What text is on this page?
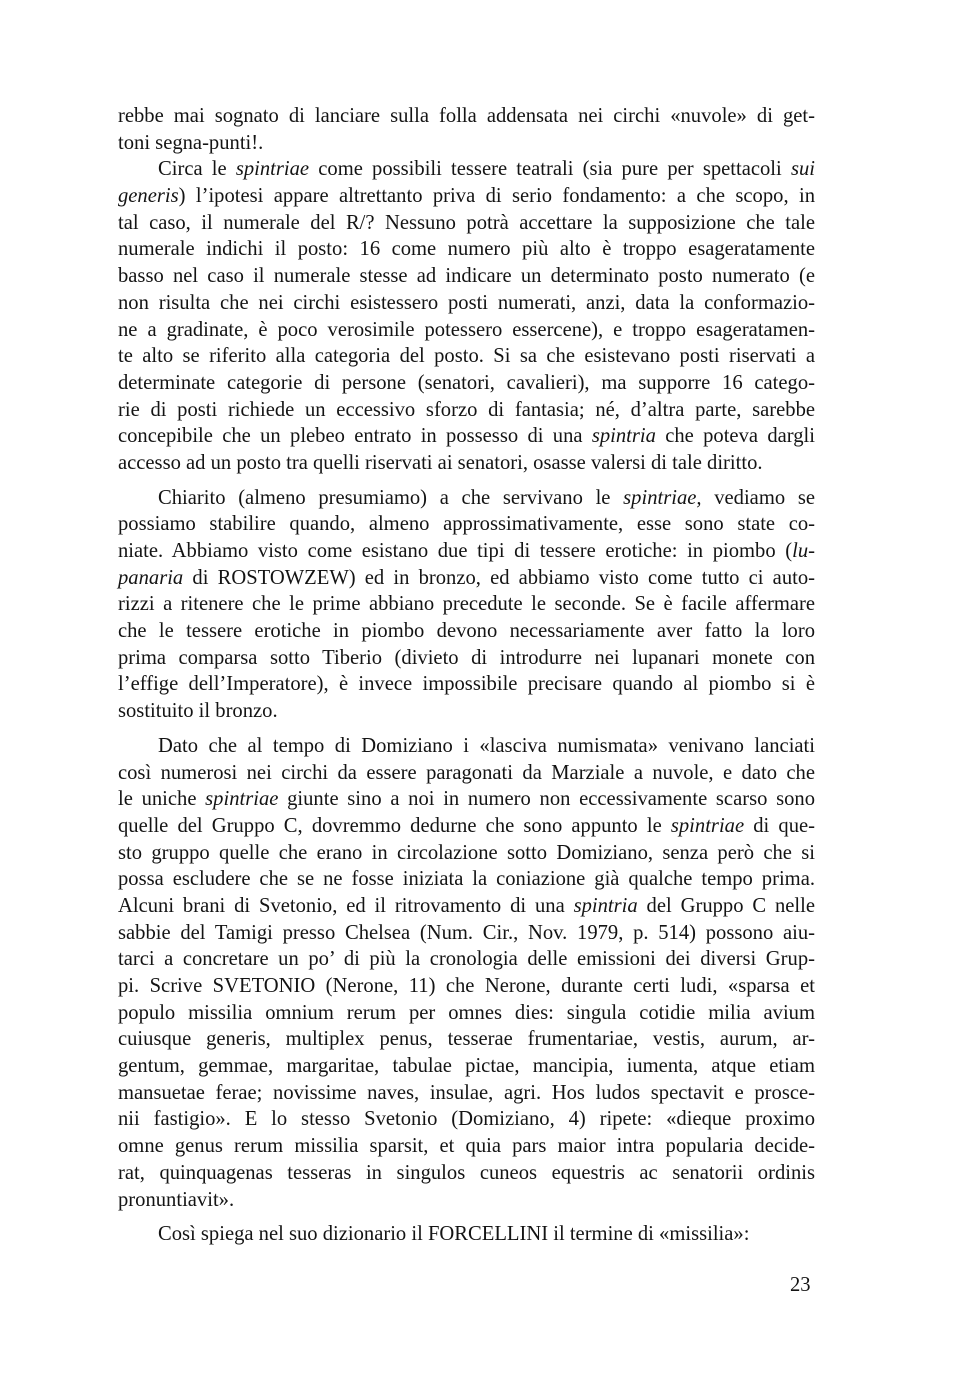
rebbe mai sognato di lanciare sulla folla addensata nei circhi «nuvole» di get-
toni segna-punti!.
Circa le spintriae come possibili tessere teatrali (sia pure per spettacoli sui
generis) l’ipotesi appare altrettanto priva di serio fondamento: a che scopo, in
tal caso, il numerale del R/? Nessuno potrà accettare la supposizione che tale
numerale indichi il posto: 16 come numero più alto è troppo esageratamente
basso nel caso il numerale stesse ad indicare un determinato posto numerato (e
non risulta che nei circhi esistessero posti numerati, anzi, data la conformazio-
ne a gradinate, è poco verosimile potessero essercene), e troppo esageratamen-
te alto se riferito alla categoria del posto. Si sa che esistevano posti riservati a
determinate categorie di persone (senatori, cavalieri), ma supporre 16 catego-
rie di posti richiede un eccessivo sforzo di fantasia; né, d’altra parte, sarebbe
concepibile che un plebeo entrato in possesso di una spintria che poteva dargli
accesso ad un posto tra quelli riservati ai senatori, osasse valersi di tale diritto.
Chiarito (almeno presumiamo) a che servivano le spintriae, vediamo se
possiamo stabilire quando, almeno approssimativamente, esse sono state co-
niate. Abbiamo visto come esistano due tipi di tessere erotiche: in piombo (lu-
panaria di ROSTOWZEW) ed in bronzo, ed abbiamo visto come tutto ci auto-
rizzi a ritenere che le prime abbiano precedute le seconde. Se è facile affermare
che le tessere erotiche in piombo devono necessariamente aver fatto la loro
prima comparsa sotto Tiberio (divieto di introdurre nei lupanari monete con
l’effige dell’Imperatore), è invece impossibile precisare quando al piombo si è
sostituito il bronzo.
Dato che al tempo di Domiziano i «lasciva numismata» venivano lanciati
così numerosi nei circhi da essere paragonati da Marziale a nuvole, e dato che
le uniche spintriae giunte sino a noi in numero non eccessivamente scarso sono
quelle del Gruppo C, dovremmo dedurne che sono appunto le spintriae di que-
sto gruppo quelle che erano in circolazione sotto Domiziano, senza però che si
possa escludere che se ne fosse iniziata la coniazione già qualche tempo prima.
Alcuni brani di Svetonio, ed il ritrovamento di una spintria del Gruppo C nelle
sabbie del Tamigi presso Chelsea (Num. Cir., Nov. 1979, p. 514) possono aiu-
tarci a concretare un po’ di più la cronologia delle emissioni dei diversi Grup-
pi. Scrive SVETONIO (Nerone, 11) che Nerone, durante certi ludi, «sparsa et
populo missilia omnium rerum per omnes dies: singula cotidie milia avium
cuiusque generis, multiplex penus, tesserae frumentariae, vestis, aurum, ar-
gentum, gemmae, margaritae, tabulae pictae, mancipia, iumenta, atque etiam
mansuetae ferae; novissime naves, insulae, agri. Hos ludos spectavit e prosce-
nii fastigio». E lo stesso Svetonio (Domiziano, 4) ripete: «dieque proximo
omne genus rerum missilia sparsit, et quia pars maior intra popularia decide-
rat, quinquagenas tesseras in singulos cuneos equestris ac senatorii ordinis
pronuntiavit».
Così spiega nel suo dizionario il FORCELLINI il termine di «missilia»:
23
